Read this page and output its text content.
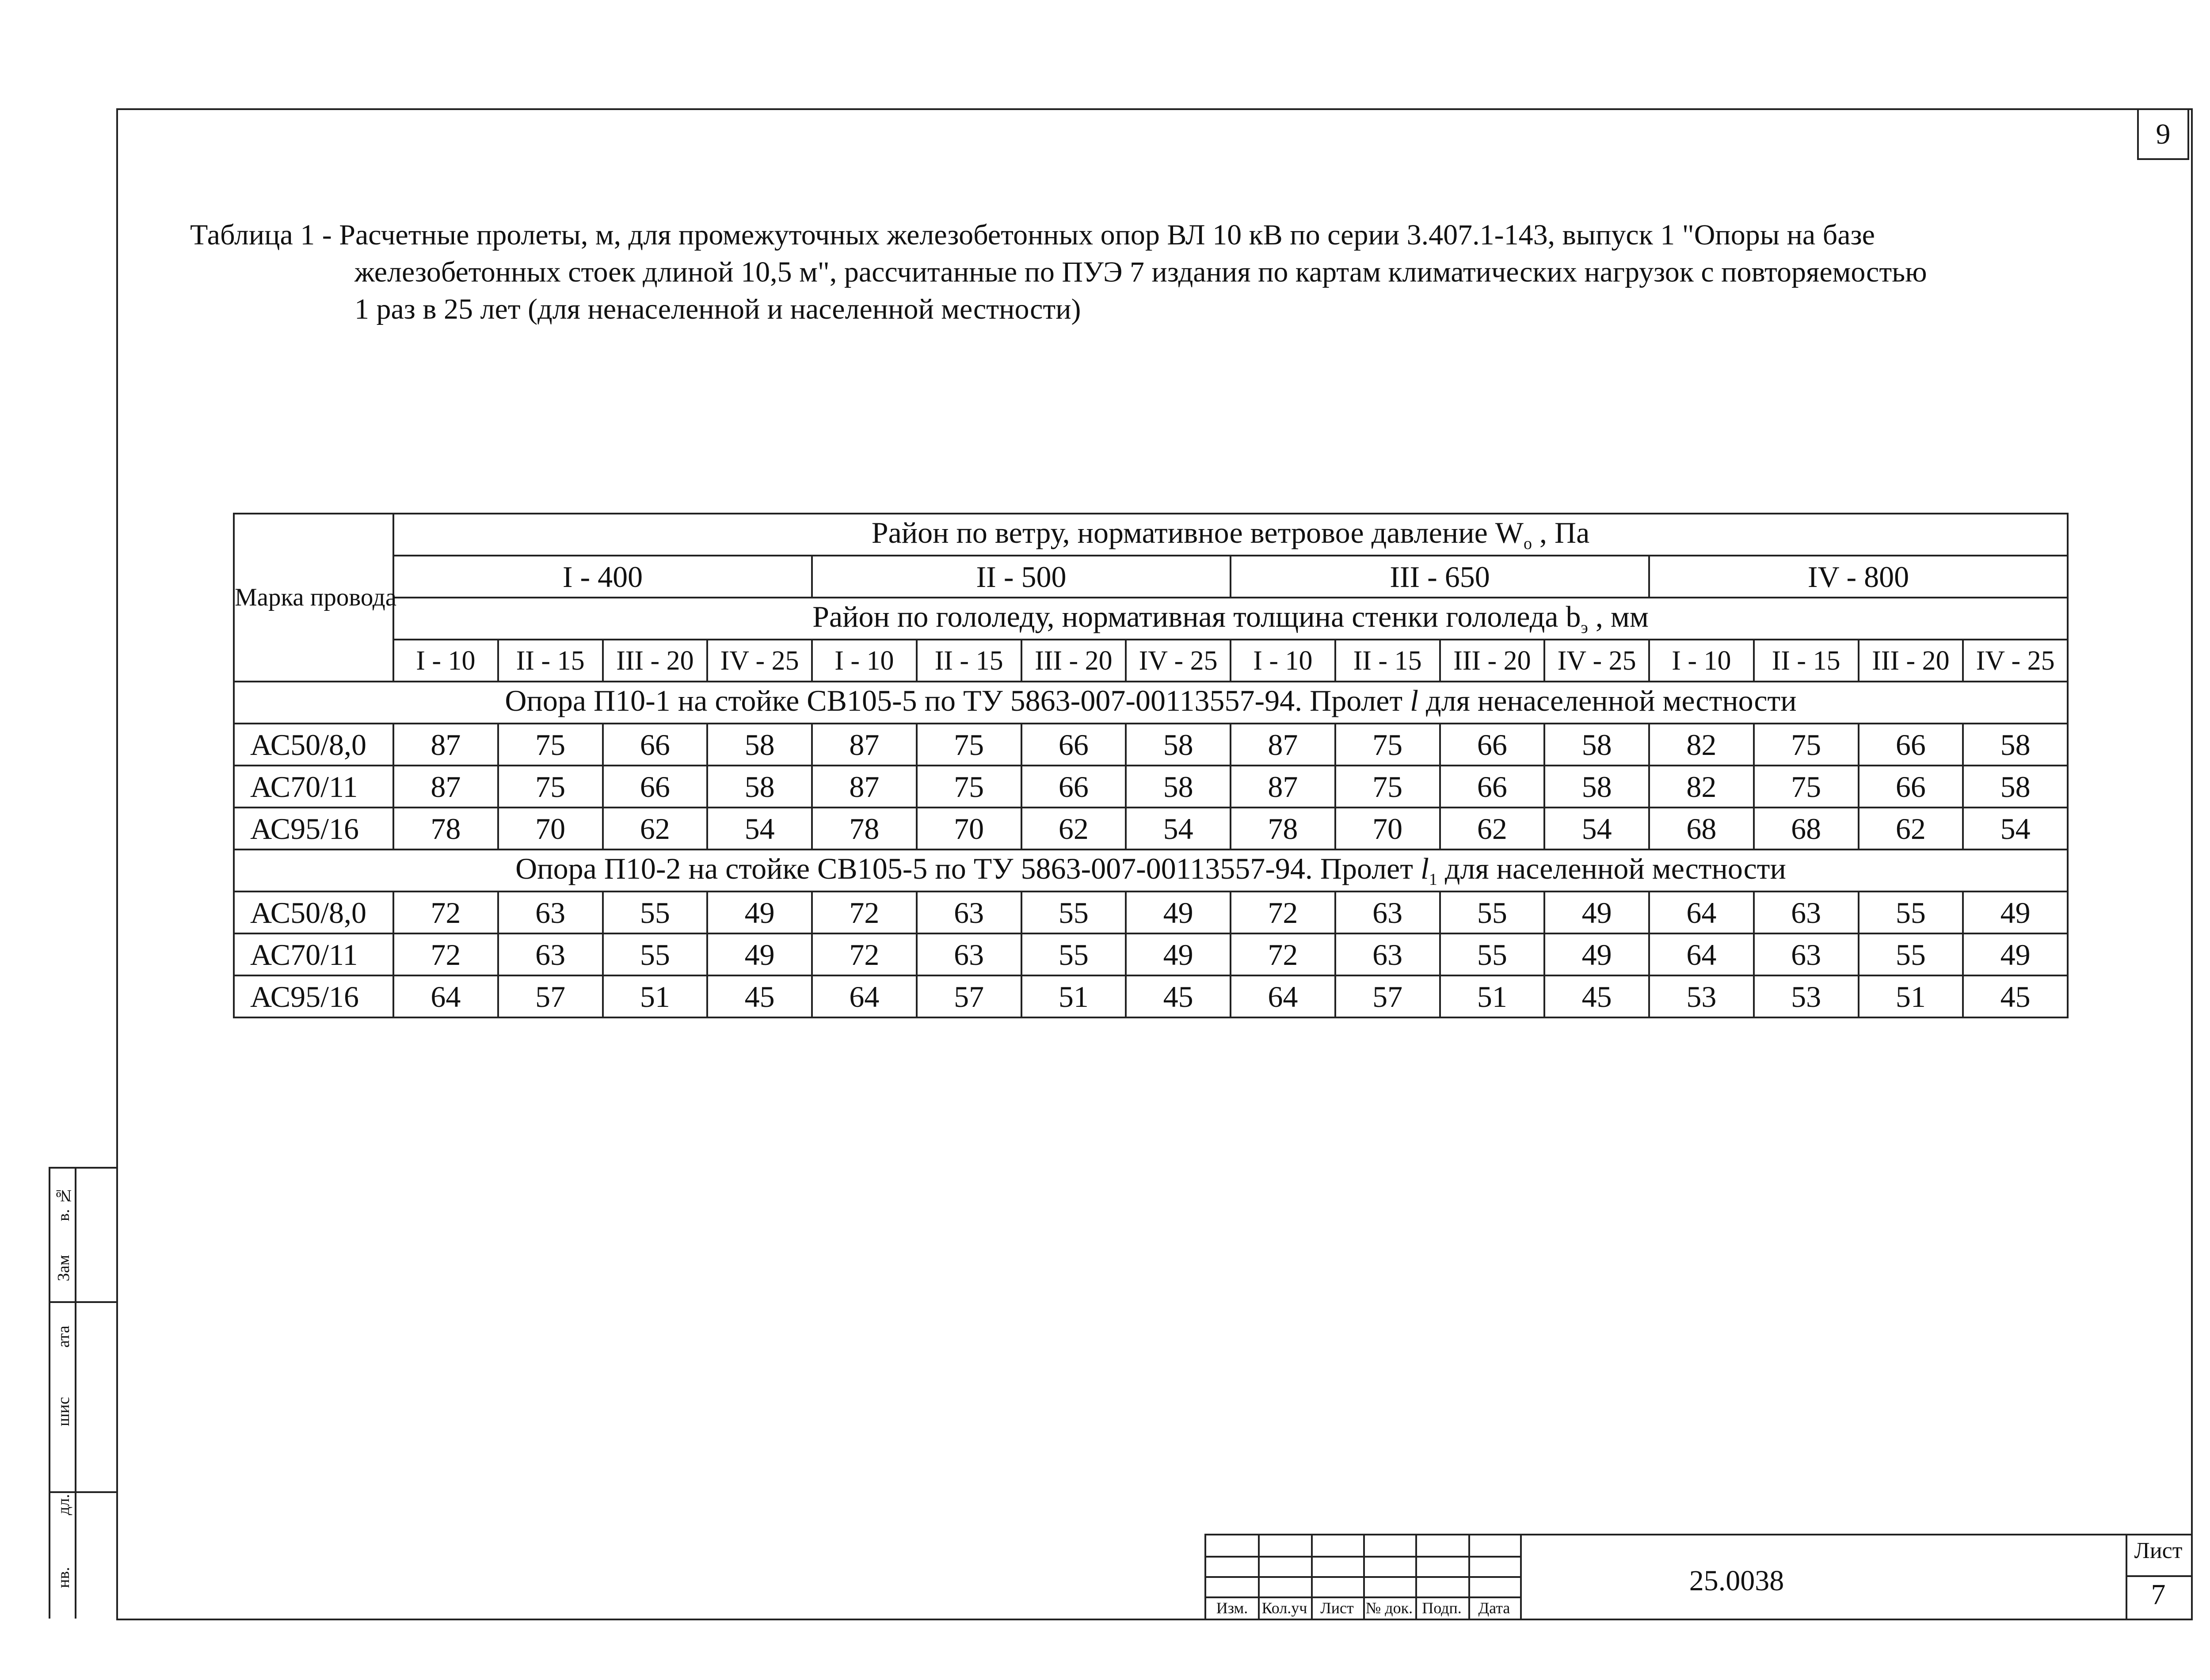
9
Таблица 1 - Расчетные пролеты, м, для промежуточных железобетонных опор ВЛ 10 кВ по серии 3.407.1-143, выпуск 1 "Опоры на базе
железобетонных стоек длиной 10,5 м", рассчитанные по ПУЭ 7 издания по картам климатических нагрузок с повторяемостью
1 раз в 25 лет (для ненаселенной и населенной местности)
Марка провода	Район по ветру, нормативное ветровое давление $W_o$ , Па															
	I - 400				II - 500				III - 650				IV - 800			
	Район по гололеду, нормативная толщина стенки гололеда $b_э$ , мм															
	I - 10	II - 15	III - 20	IV - 25	I - 10	II - 15	III - 20	IV - 25	I - 10	II - 15	III - 20	IV - 25	I - 10	II - 15	III - 20	IV - 25
Опора П10-1 на стойке СВ105-5 по ТУ 5863-007-00113557-94. Пролет l для ненаселенной местности																
АС50/8,0	87	75	66	58	87	75	66	58	87	75	66	58	82	75	66	58
АС70/11	87	75	66	58	87	75	66	58	87	75	66	58	82	75	66	58
АС95/16	78	70	62	54	78	70	62	54	78	70	62	54	68	68	62	54
Опора П10-2 на стойке СВ105-5 по ТУ 5863-007-00113557-94. Пролет $l_1$ для населенной местности																
АС50/8,0	72	63	55	49	72	63	55	49	72	63	55	49	64	63	55	49
АС70/11	72	63	55	49	72	63	55	49	72	63	55	49	64	63	55	49
АС95/16	64	57	51	45	64	57	51	45	64	57	51	45	53	53	51	45
в. №
Зам
ата
шис
дл.
нв.
Изм. Кол.уч Лист № док. Подп.	Дата
25.0038
Лист
7
